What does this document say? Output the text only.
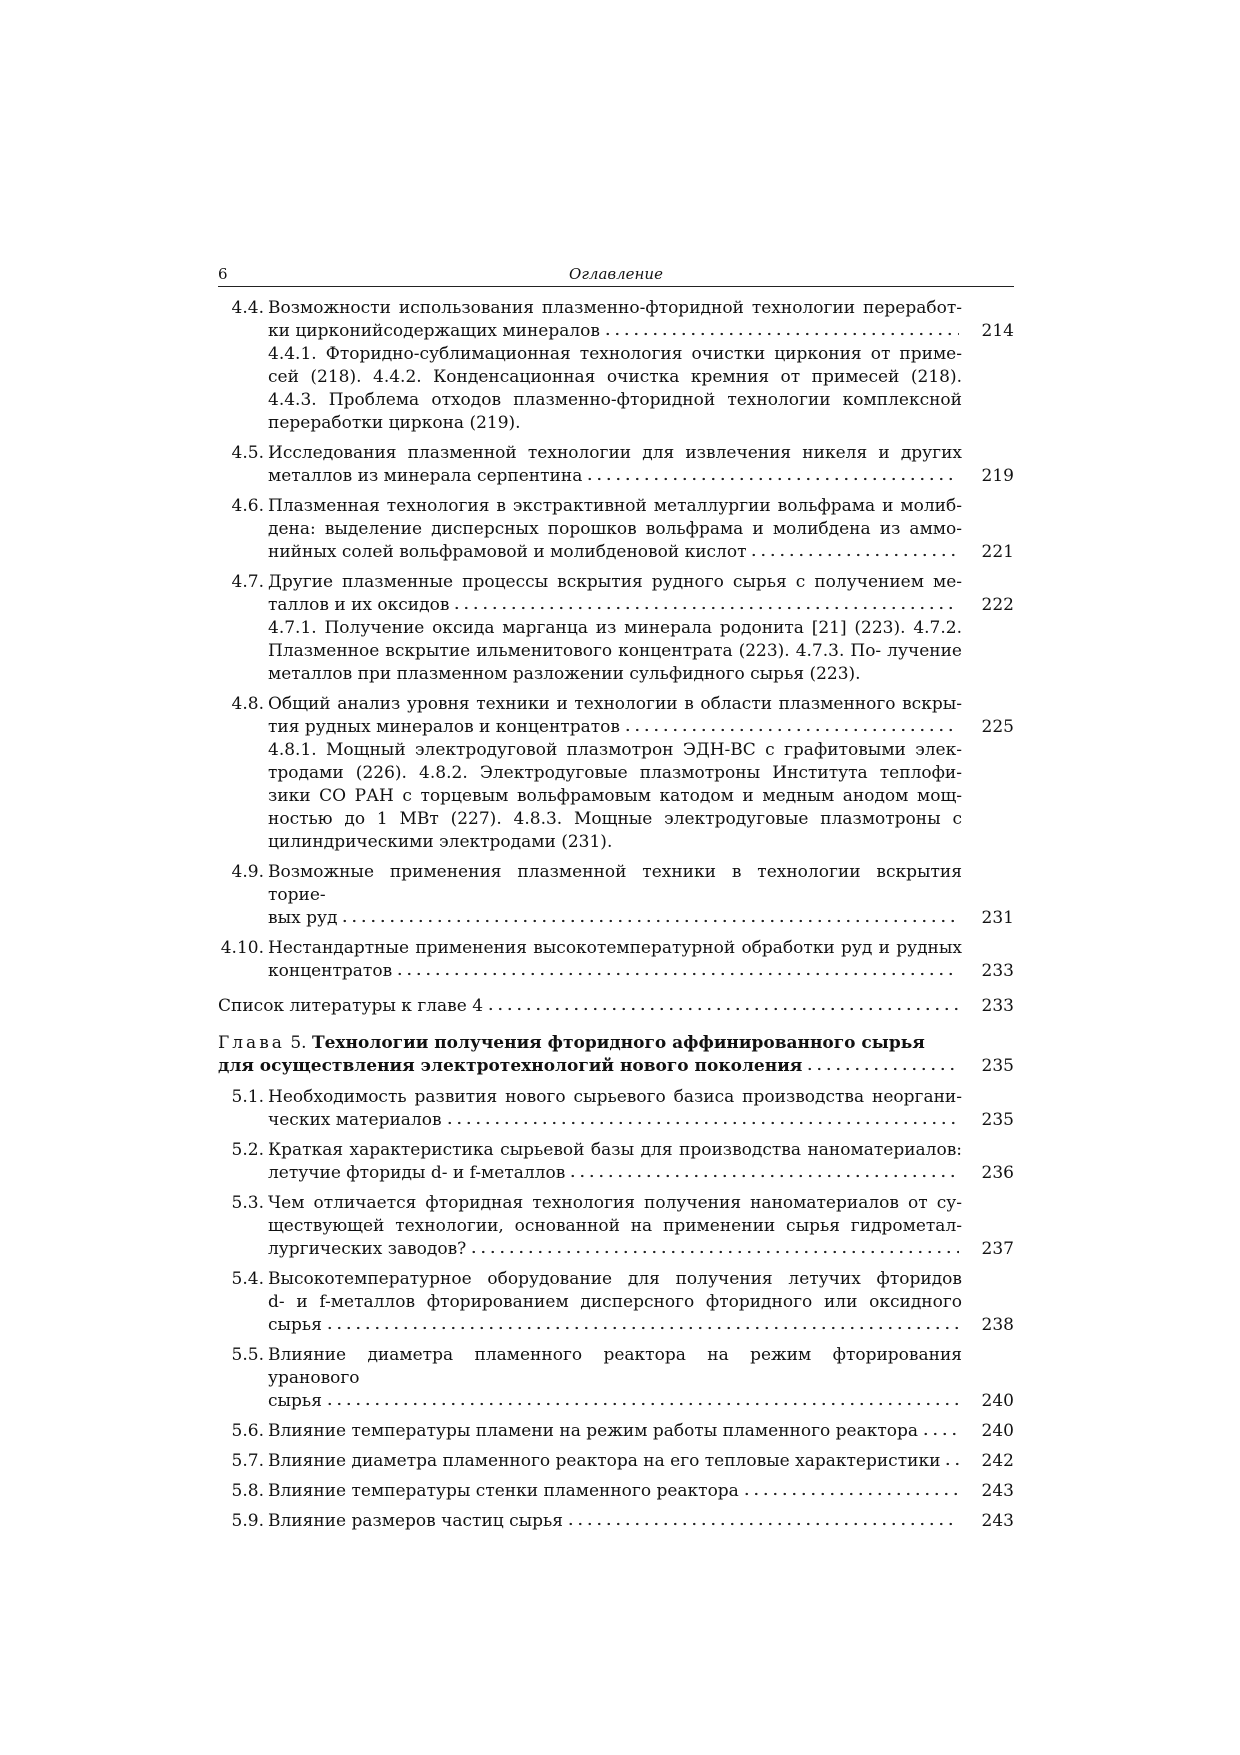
6	Оглавление
4.4. Возможности использования плазменно-фторидной технологии переработ-
ки цирконийсодержащих минералов	214
4.4.1. Фторидно-сублимационная технология очистки циркония от приме- сей (218). 4.4.2. Конденсационная очистка кремния от примесей (218). 4.4.3. Проблема отходов плазменно-фторидной технологии комплексной переработки циркона (219).
4.5. Исследования плазменной технологии для извлечения никеля и других
металлов из минерала серпентина	219
4.6. Плазменная технология в экстрактивной металлургии вольфрама и молиб-
дена: выделение дисперсных порошков вольфрама и молибдена из аммо-
нийных солей вольфрамовой и молибденовой кислот	221
4.7. Другие плазменные процессы вскрытия рудного сырья с получением ме-
таллов и их оксидов	222
4.7.1. Получение оксида марганца из минерала родонита [21] (223). 4.7.2. Плазменное вскрытие ильменитового концентрата (223). 4.7.3. По- лучение металлов при плазменном разложении сульфидного сырья (223).
4.8. Общий анализ уровня техники и технологии в области плазменного вскры-
тия рудных минералов и концентратов	225
4.8.1. Мощный электродуговой плазмотрон ЭДН-ВС с графитовыми элек- тродами (226). 4.8.2. Электродуговые плазмотроны Института теплофи- зики СО РАН с торцевым вольфрамовым катодом и медным анодом мощ- ностью до 1 МВт (227). 4.8.3. Мощные электродуговые плазмотроны с цилиндрическими электродами (231).
4.9. Возможные применения плазменной техники в технологии вскрытия торие-
вых руд	231
4.10. Нестандартные применения высокотемпературной обработки руд и рудных
концентратов	233
Список литературы к главе 4	233
Глава 5. Технологии получения фторидного аффинированного сырья
для осуществления электротехнологий нового поколения	235
5.1. Необходимость развития нового сырьевого базиса производства неоргани-
ческих материалов	235
5.2. Краткая характеристика сырьевой базы для производства наноматериалов:
летучие фториды d- и f-металлов	236
5.3. Чем отличается фторидная технология получения наноматериалов от су-
ществующей технологии, основанной на применении сырья гидрометал-
лургических заводов?	237
5.4. Высокотемпературное оборудование для получения летучих фторидов
d- и f-металлов фторированием дисперсного фторидного или оксидного
сырья	238
5.5. Влияние диаметра пламенного реактора на режим фторирования уранового
сырья	240
5.6. Влияние температуры пламени на режим работы пламенного реактора	240
5.7. Влияние диаметра пламенного реактора на его тепловые характеристики	242
5.8. Влияние температуры стенки пламенного реактора	243
5.9. Влияние размеров частиц сырья	243
